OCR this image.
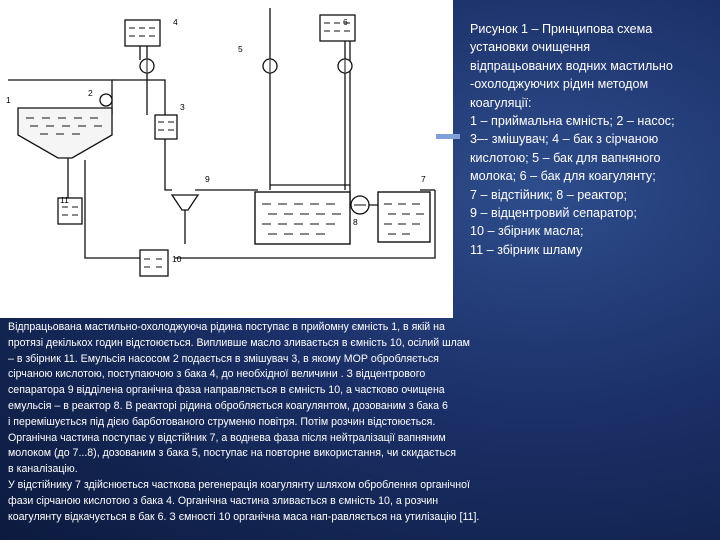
1
2
3
4
5
6
7
8
9
10
11
Рисунок 1 – Принципова схема
установки очищення
відпрацьованих водних мастильно
-охолоджуючих рідин методом
коагуляції:
1 – приймальна ємність; 2 – насос;
3–- змішувач; 4 – бак з сірчаною
кислотою; 5 – бак для вапняного
молока; 6 – бак для коагулянту;
7 – відстійник; 8 – реактор;
9 – відцентровий сепаратор;
10 – збірник масла;
11 – збірник шламу
Відпрацьована мастильно-охолоджуюча рідина поступає в прийомну ємність 1, в якій на
протязі декількох годин відстоюється. Випливше масло зливається в ємність 10, осілий шлам
– в збірник 11. Емульсія насосом 2 подається в змішувач 3, в якому МОР обробляється
сірчаною кислотою, поступаючою з бака 4, до необхідної величини . З відцентрового
сепаратора 9 відділена органічна фаза направляється в ємність 10, а частково очищена
емульсія – в реактор 8. В реакторі рідина обробляється коагулянтом, дозованим з бака 6
і перемішується під дією барботованого струменю повітря. Потім розчин відстоюється.
Органічна частина поступає у відстійник 7, а воднева фаза після нейтралізації вапняним
молоком (до 7...8), дозованим з бака 5, поступає на повторне використання, чи скидається
в каналізацію.
У відстійнику 7 здійснюється часткова регенерація коагулянту шляхом оброблення органічної
фази сірчаною кислотою з бака 4. Органічна частина зливається в ємність 10, а розчин
коагулянту відкачується в бак 6. З ємності 10 органічна маса нап-равляється на утилізацію [11].
